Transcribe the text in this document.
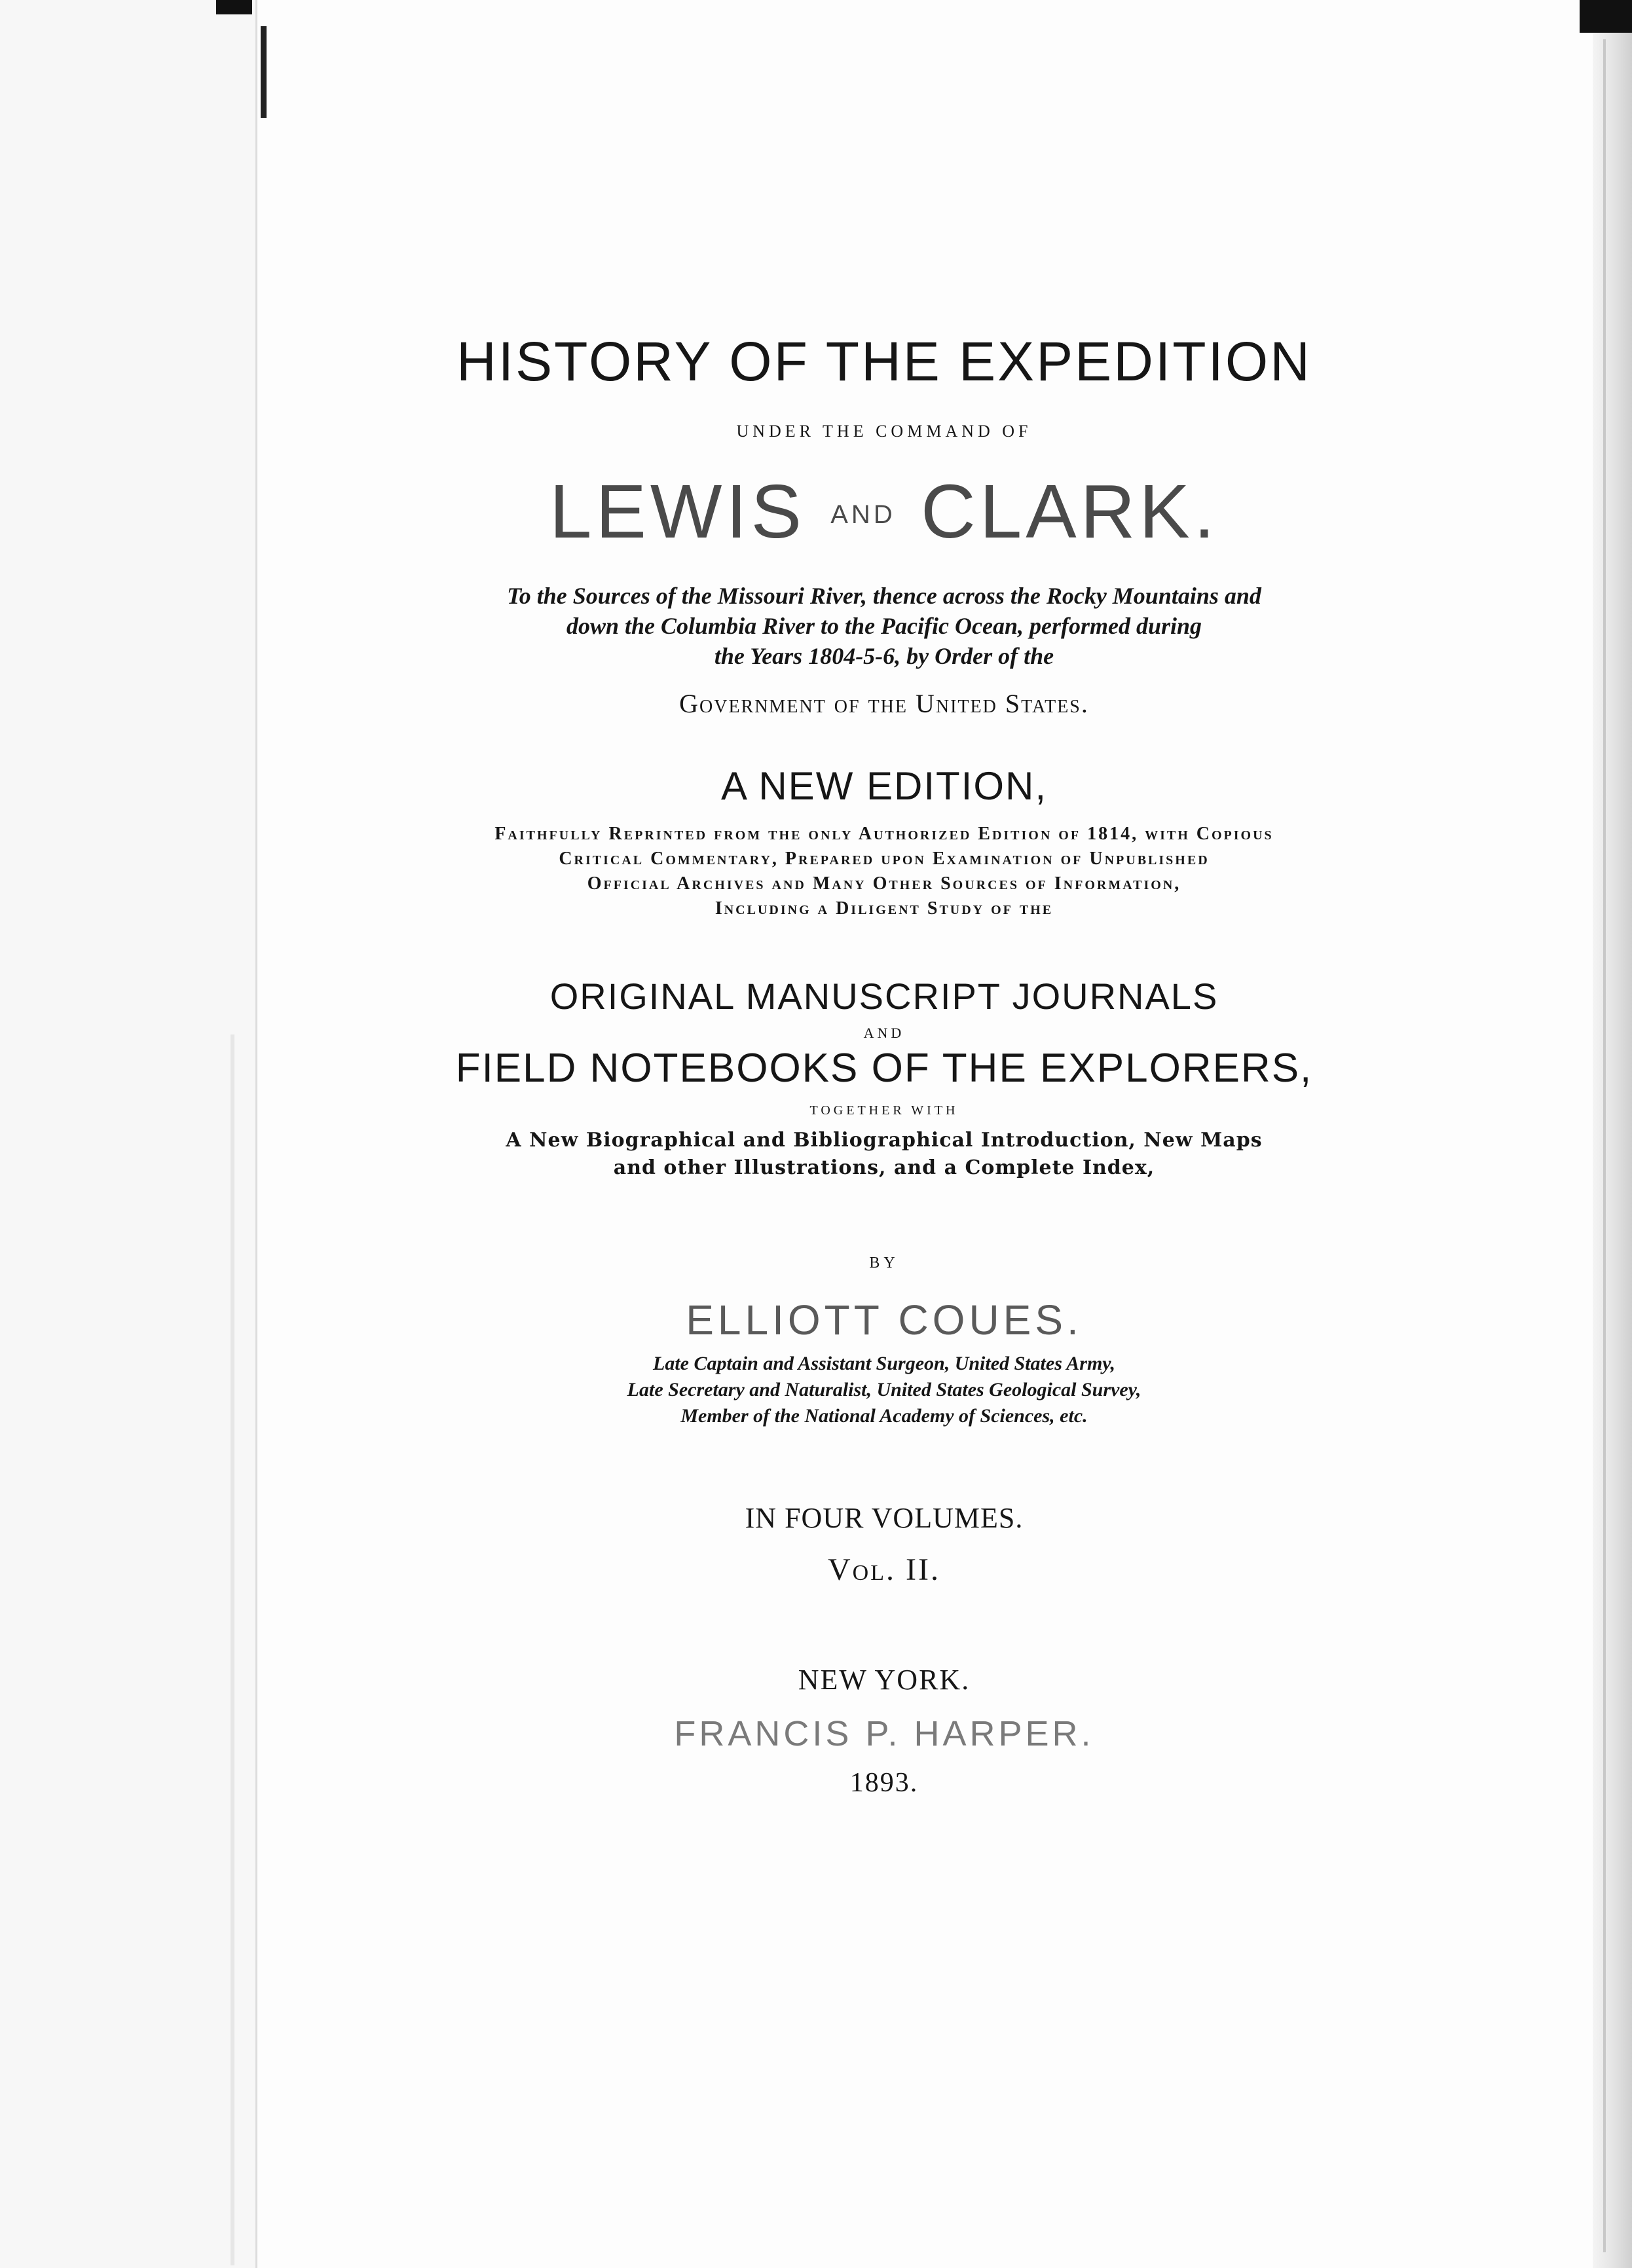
HISTORY OF THE EXPEDITION
UNDER THE COMMAND OF
LEWIS AND CLARK.
To the Sources of the Missouri River, thence across the Rocky Mountains and
down the Columbia River to the Pacific Ocean, performed during
the Years 1804-5-6, by Order of the
Government of the United States.
A NEW EDITION,
Faithfully Reprinted from the only Authorized Edition of 1814, with Copious
Critical Commentary, Prepared upon Examination of Unpublished
Official Archives and Many Other Sources of Information,
Including a Diligent Study of the
ORIGINAL MANUSCRIPT JOURNALS
AND
FIELD NOTEBOOKS OF THE EXPLORERS,
TOGETHER WITH
A New Biographical and Bibliographical Introduction, New Maps
and other Illustrations, and a Complete Index,
BY
ELLIOTT COUES.
Late Captain and Assistant Surgeon, United States Army,
Late Secretary and Naturalist, United States Geological Survey,
Member of the National Academy of Sciences, etc.
IN FOUR VOLUMES.
Vol. II.
NEW YORK.
FRANCIS P. HARPER.
1893.
